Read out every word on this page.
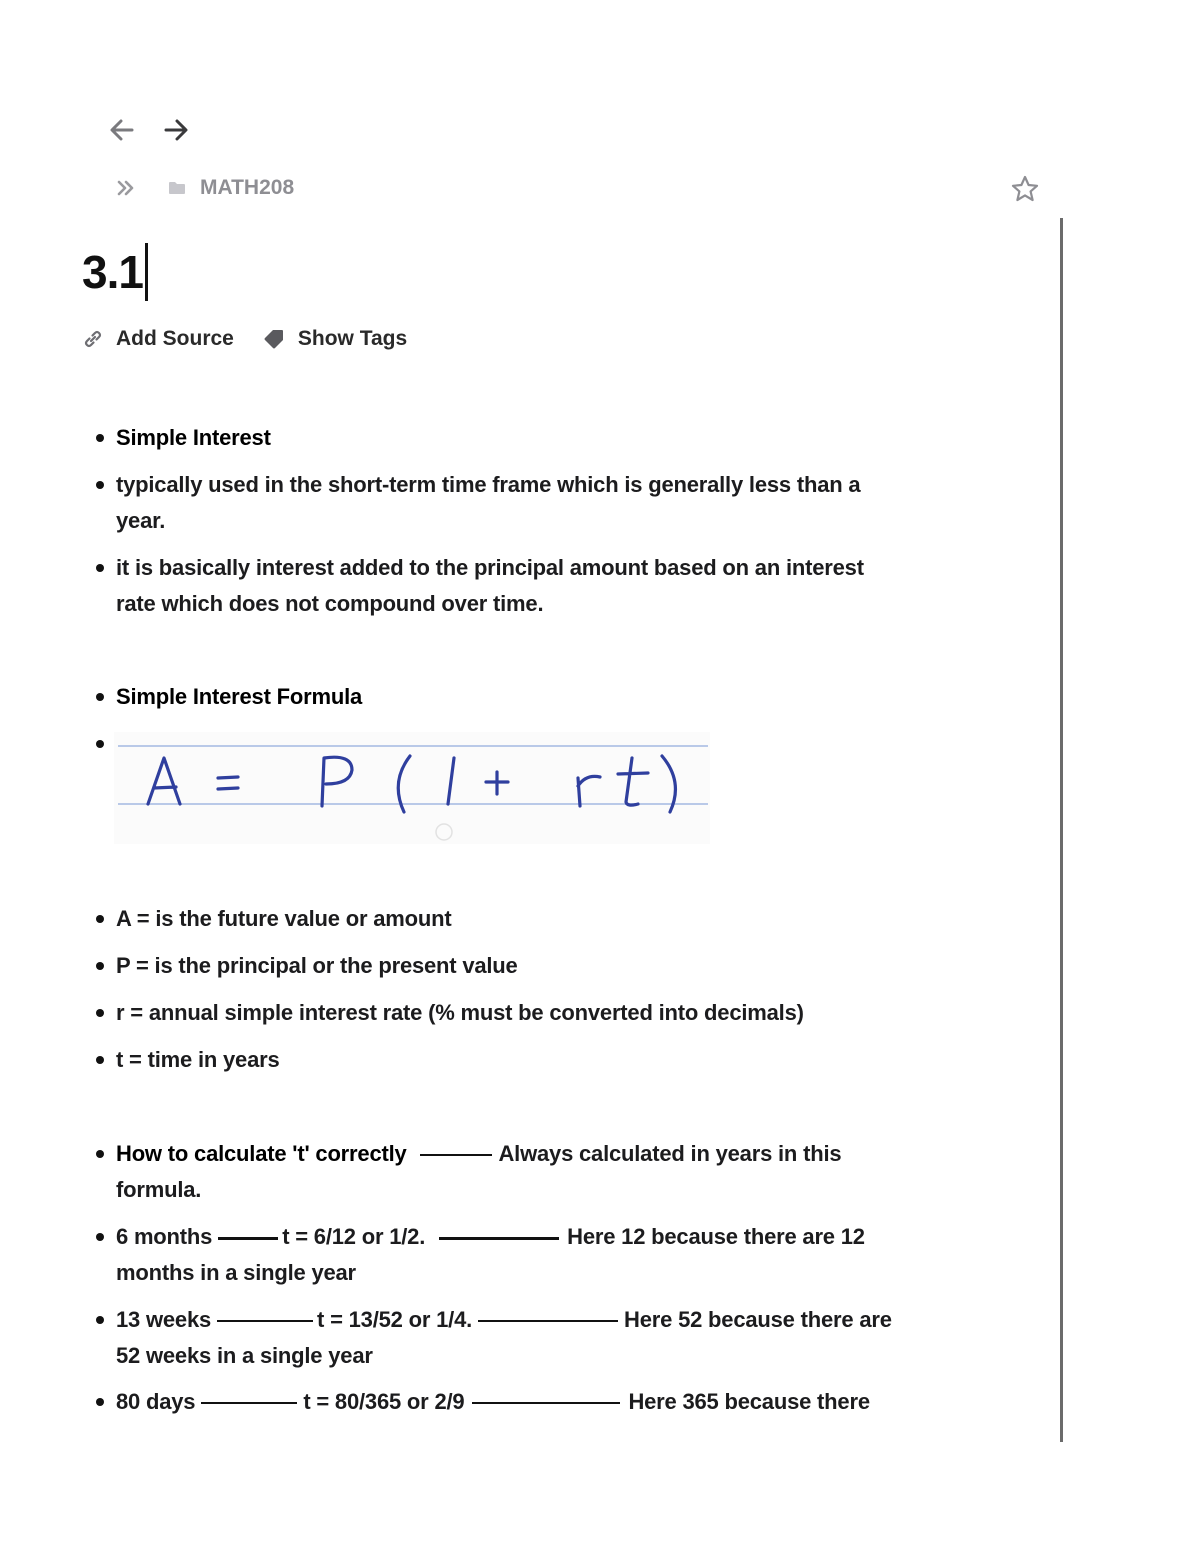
MATH208
3.1
Add Source	Show Tags
Simple Interest
typically used in the short-term time frame which is generally less than a
year.
it is basically interest added to the principal amount based on an interest
rate which does not compound over time.
Simple Interest Formula
A = is the future value or amount
P = is the principal or the present value
r = annual simple interest rate (% must be converted into decimals)
t = time in years
How to calculate 't' correctly	Always calculated in years in this
formula.
6 months	t = 6/12 or 1/2.	Here 12 because there are 12
months in a single year
13 weeks	t = 13/52 or 1/4.	Here 52 because there are
52 weeks in a single year
80 days	t = 80/365 or 2/9	Here 365 because there
